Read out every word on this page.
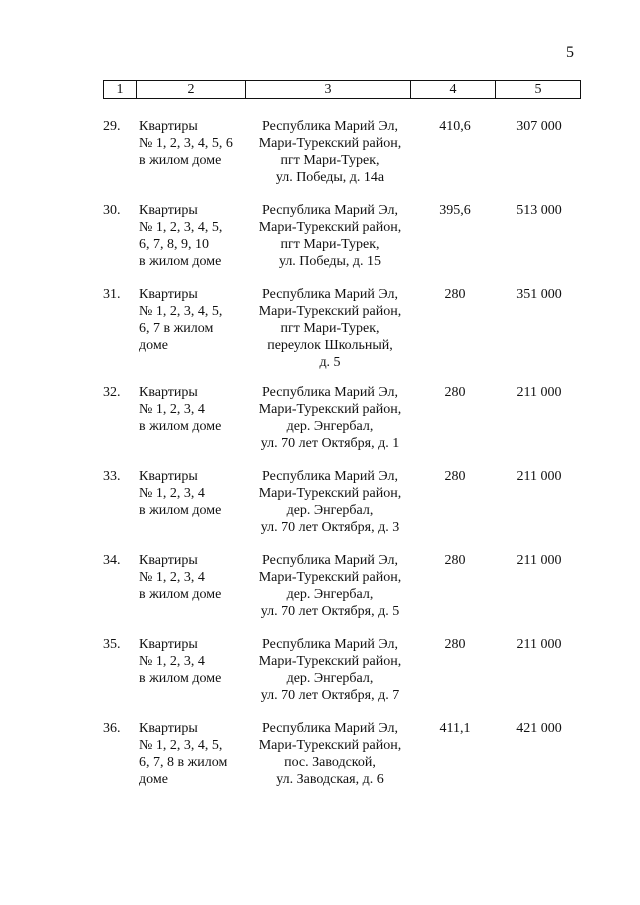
5
1	2	3	4	5
29.	Квартиры
№ 1, 2, 3, 4, 5, 6
в жилом доме
Республика Марий Эл,
Мари-Турекский район,
пгт Мари-Турек,
ул. Победы, д. 14а
410,6	307 000
30.	Квартиры
№ 1, 2, 3, 4, 5,
6, 7, 8, 9, 10
в жилом доме
Республика Марий Эл,
Мари-Турекский район,
пгт Мари-Турек,
ул. Победы, д. 15
395,6	513 000
31.	Квартиры
№ 1, 2, 3, 4, 5,
6, 7 в жилом
доме
Республика Марий Эл,
Мари-Турекский район,
пгт Мари-Турек,
переулок Школьный,
д. 5
280	351 000
32.	Квартиры
№ 1, 2, 3, 4
в жилом доме
Республика Марий Эл,
Мари-Турекский район,
дер. Энгербал,
ул. 70 лет Октября, д. 1
280	211 000
33.	Квартиры
№ 1, 2, 3, 4
в жилом доме
Республика Марий Эл,
Мари-Турекский район,
дер. Энгербал,
ул. 70 лет Октября, д. 3
280	211 000
34.	Квартиры
№ 1, 2, 3, 4
в жилом доме
Республика Марий Эл,
Мари-Турекский район,
дер. Энгербал,
ул. 70 лет Октября, д. 5
280	211 000
35.	Квартиры
№ 1, 2, 3, 4
в жилом доме
Республика Марий Эл,
Мари-Турекский район,
дер. Энгербал,
ул. 70 лет Октября, д. 7
280	211 000
36.	Квартиры
№ 1, 2, 3, 4, 5,
6, 7, 8 в жилом
доме
Республика Марий Эл,
Мари-Турекский район,
пос. Заводской,
ул. Заводская, д. 6
411,1	421 000
